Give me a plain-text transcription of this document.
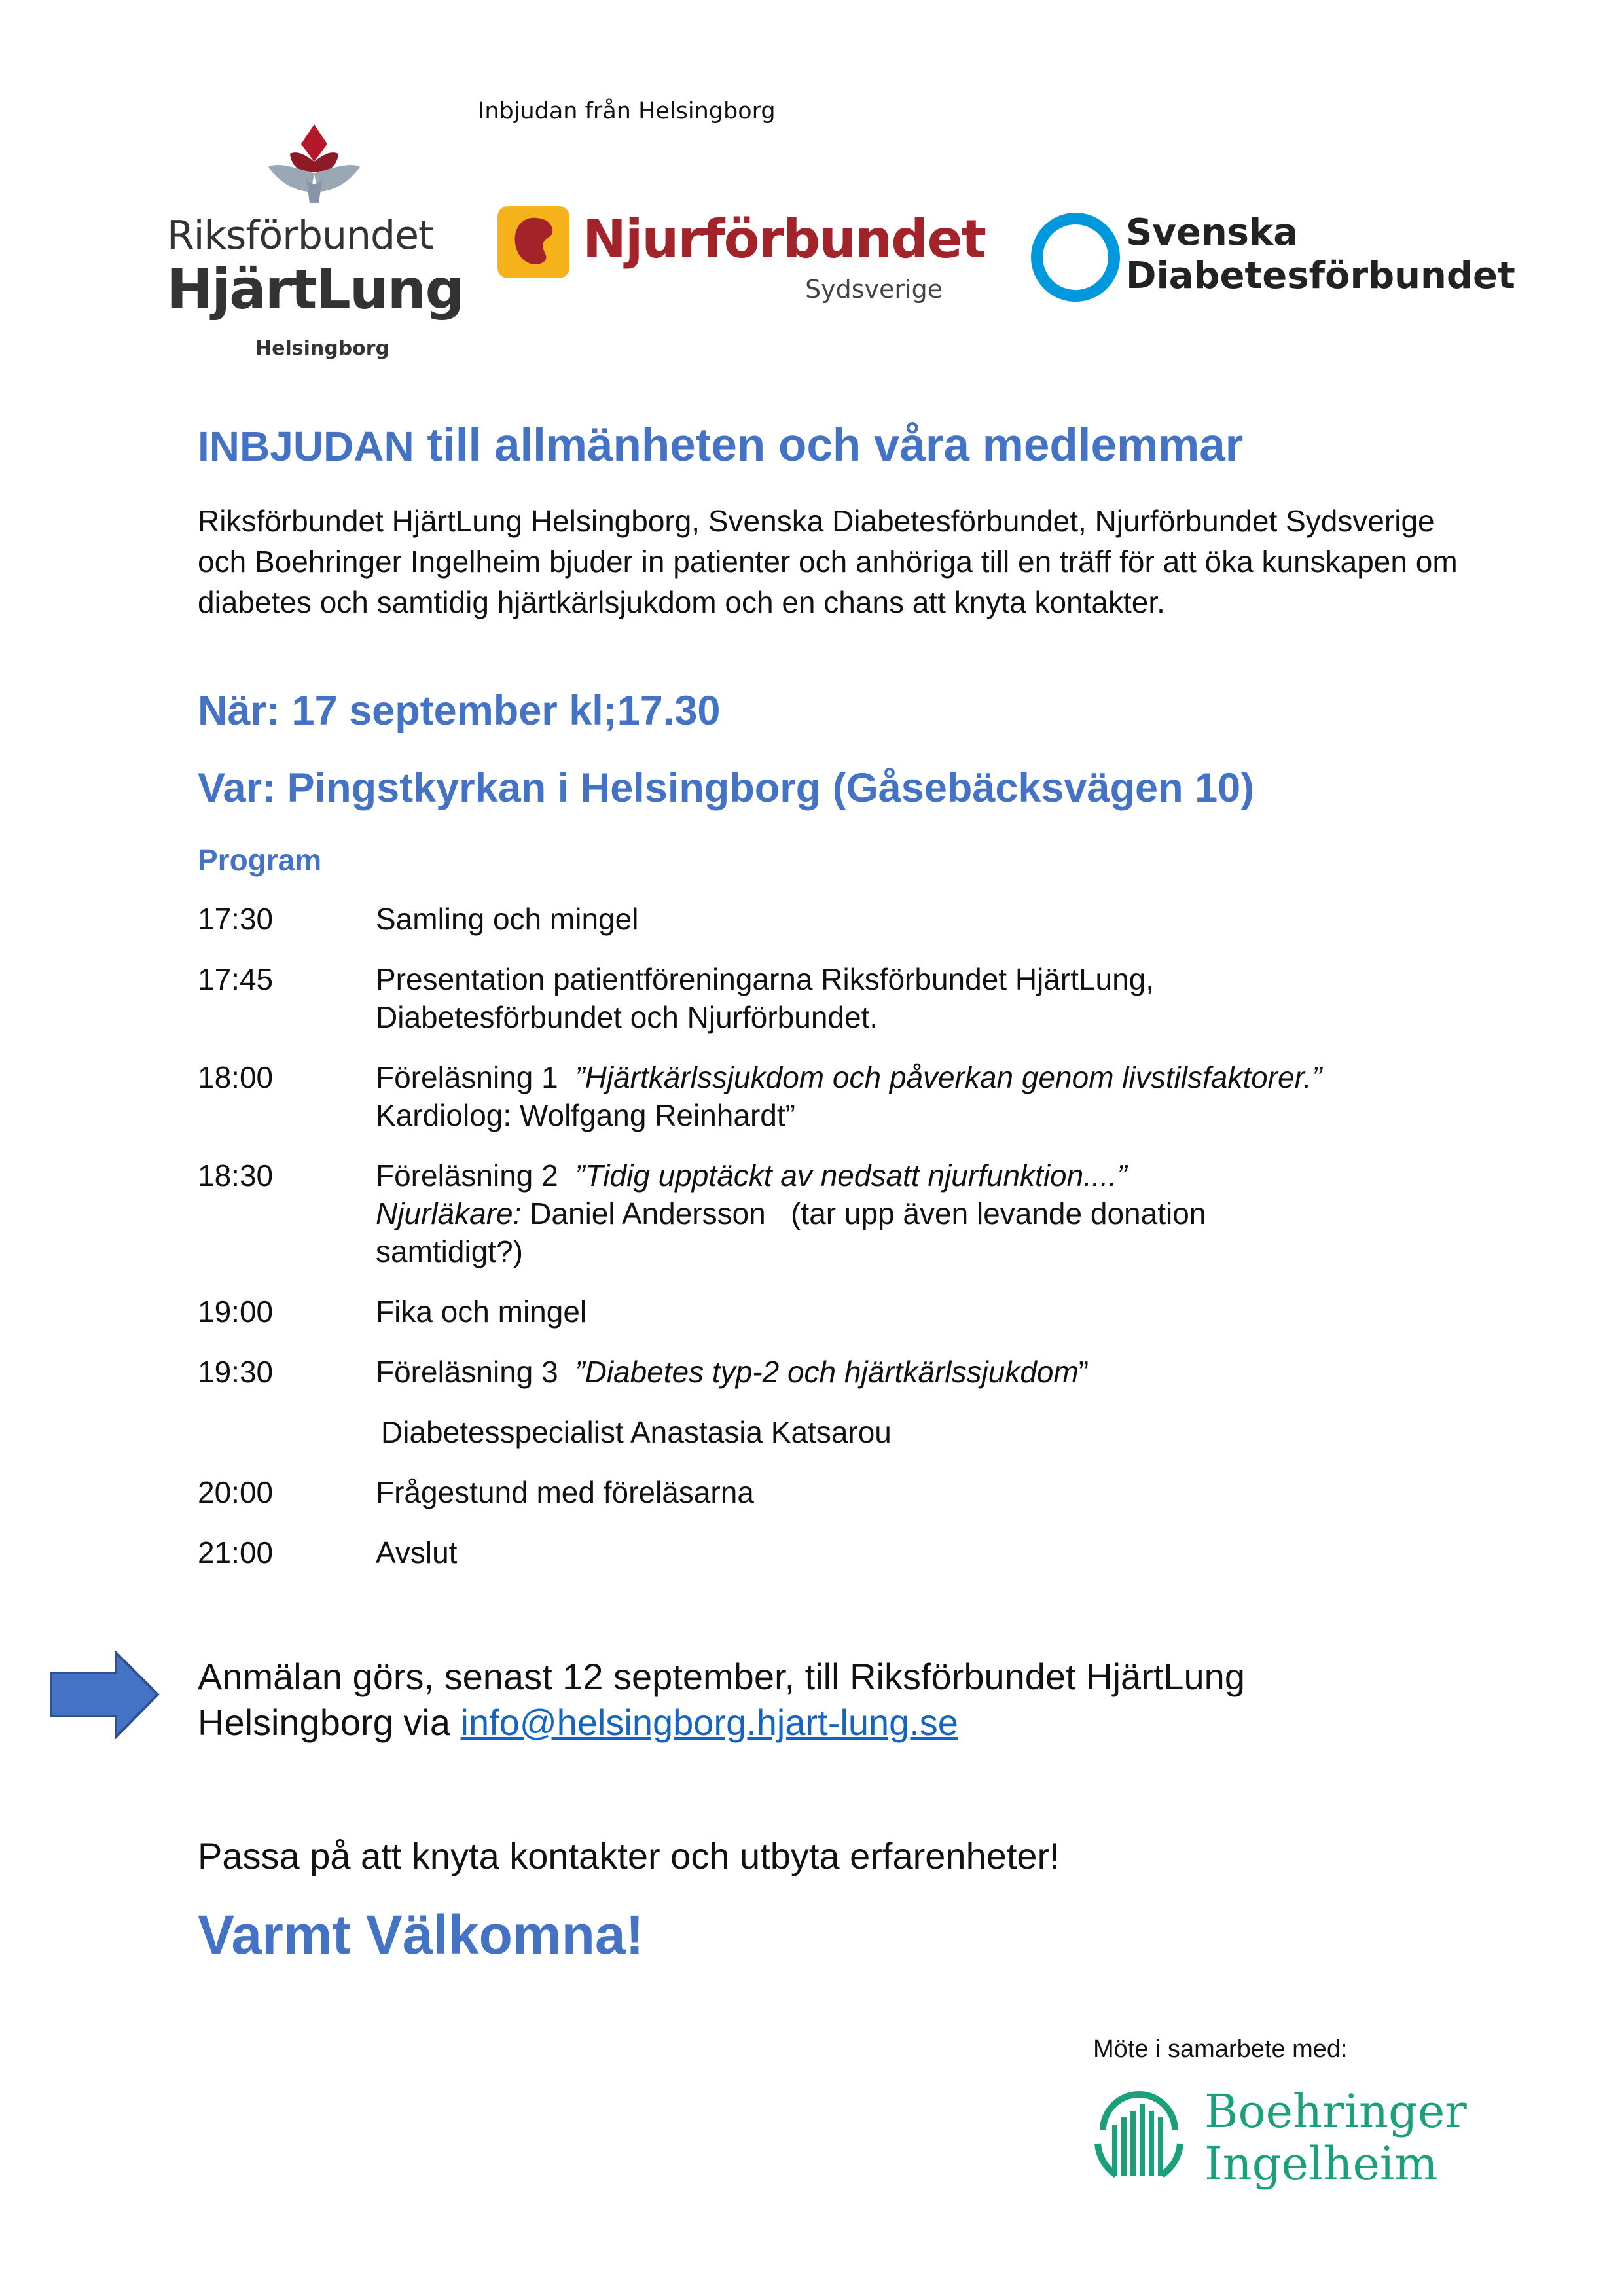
Inbjudan från Helsingborg
Riksförbundet
HjärtLung
Helsingborg
Njurförbundet
Sydsverige
Svenska
Diabetesförbundet
INBJUDAN till allmänheten och våra medlemmar
Riksförbundet HjärtLung Helsingborg, Svenska Diabetesförbundet, Njurförbundet Sydsverige och Boehringer Ingelheim bjuder in patienter och anhöriga till en träff för att öka kunskapen om diabetes och samtidig hjärtkärlsjukdom och en chans att knyta kontakter.
När: 17 september kl;17.30
Var: Pingstkyrkan i Helsingborg (Gåsebäcksvägen 10)
Program
17:30	Samling och mingel
17:45	Presentation patientföreningarna Riksförbundet HjärtLung, Diabetesförbundet och Njurförbundet.
18:00	Föreläsning 1 ”Hjärtkärlssjukdom och påverkan genom livstilsfaktorer.”
Kardiolog: Wolfgang Reinhardt”
18:30	Föreläsning 2 ”Tidig upptäckt av nedsatt njurfunktion....”
Njurläkare: Daniel Andersson   (tar upp även levande donation samtidigt?)
19:00	Fika och mingel
19:30	Föreläsning 3 ”Diabetes typ-2 och hjärtkärlssjukdom”
Diabetesspecialist Anastasia Katsarou
20:00	Frågestund med föreläsarna
21:00	Avslut
Anmälan görs, senast 12 september, till Riksförbundet HjärtLung Helsingborg via info@helsingborg.hjart-lung.se
Passa på att knyta kontakter och utbyta erfarenheter!
Varmt Välkomna!
Möte i samarbete med:
Boehringer
Ingelheim
